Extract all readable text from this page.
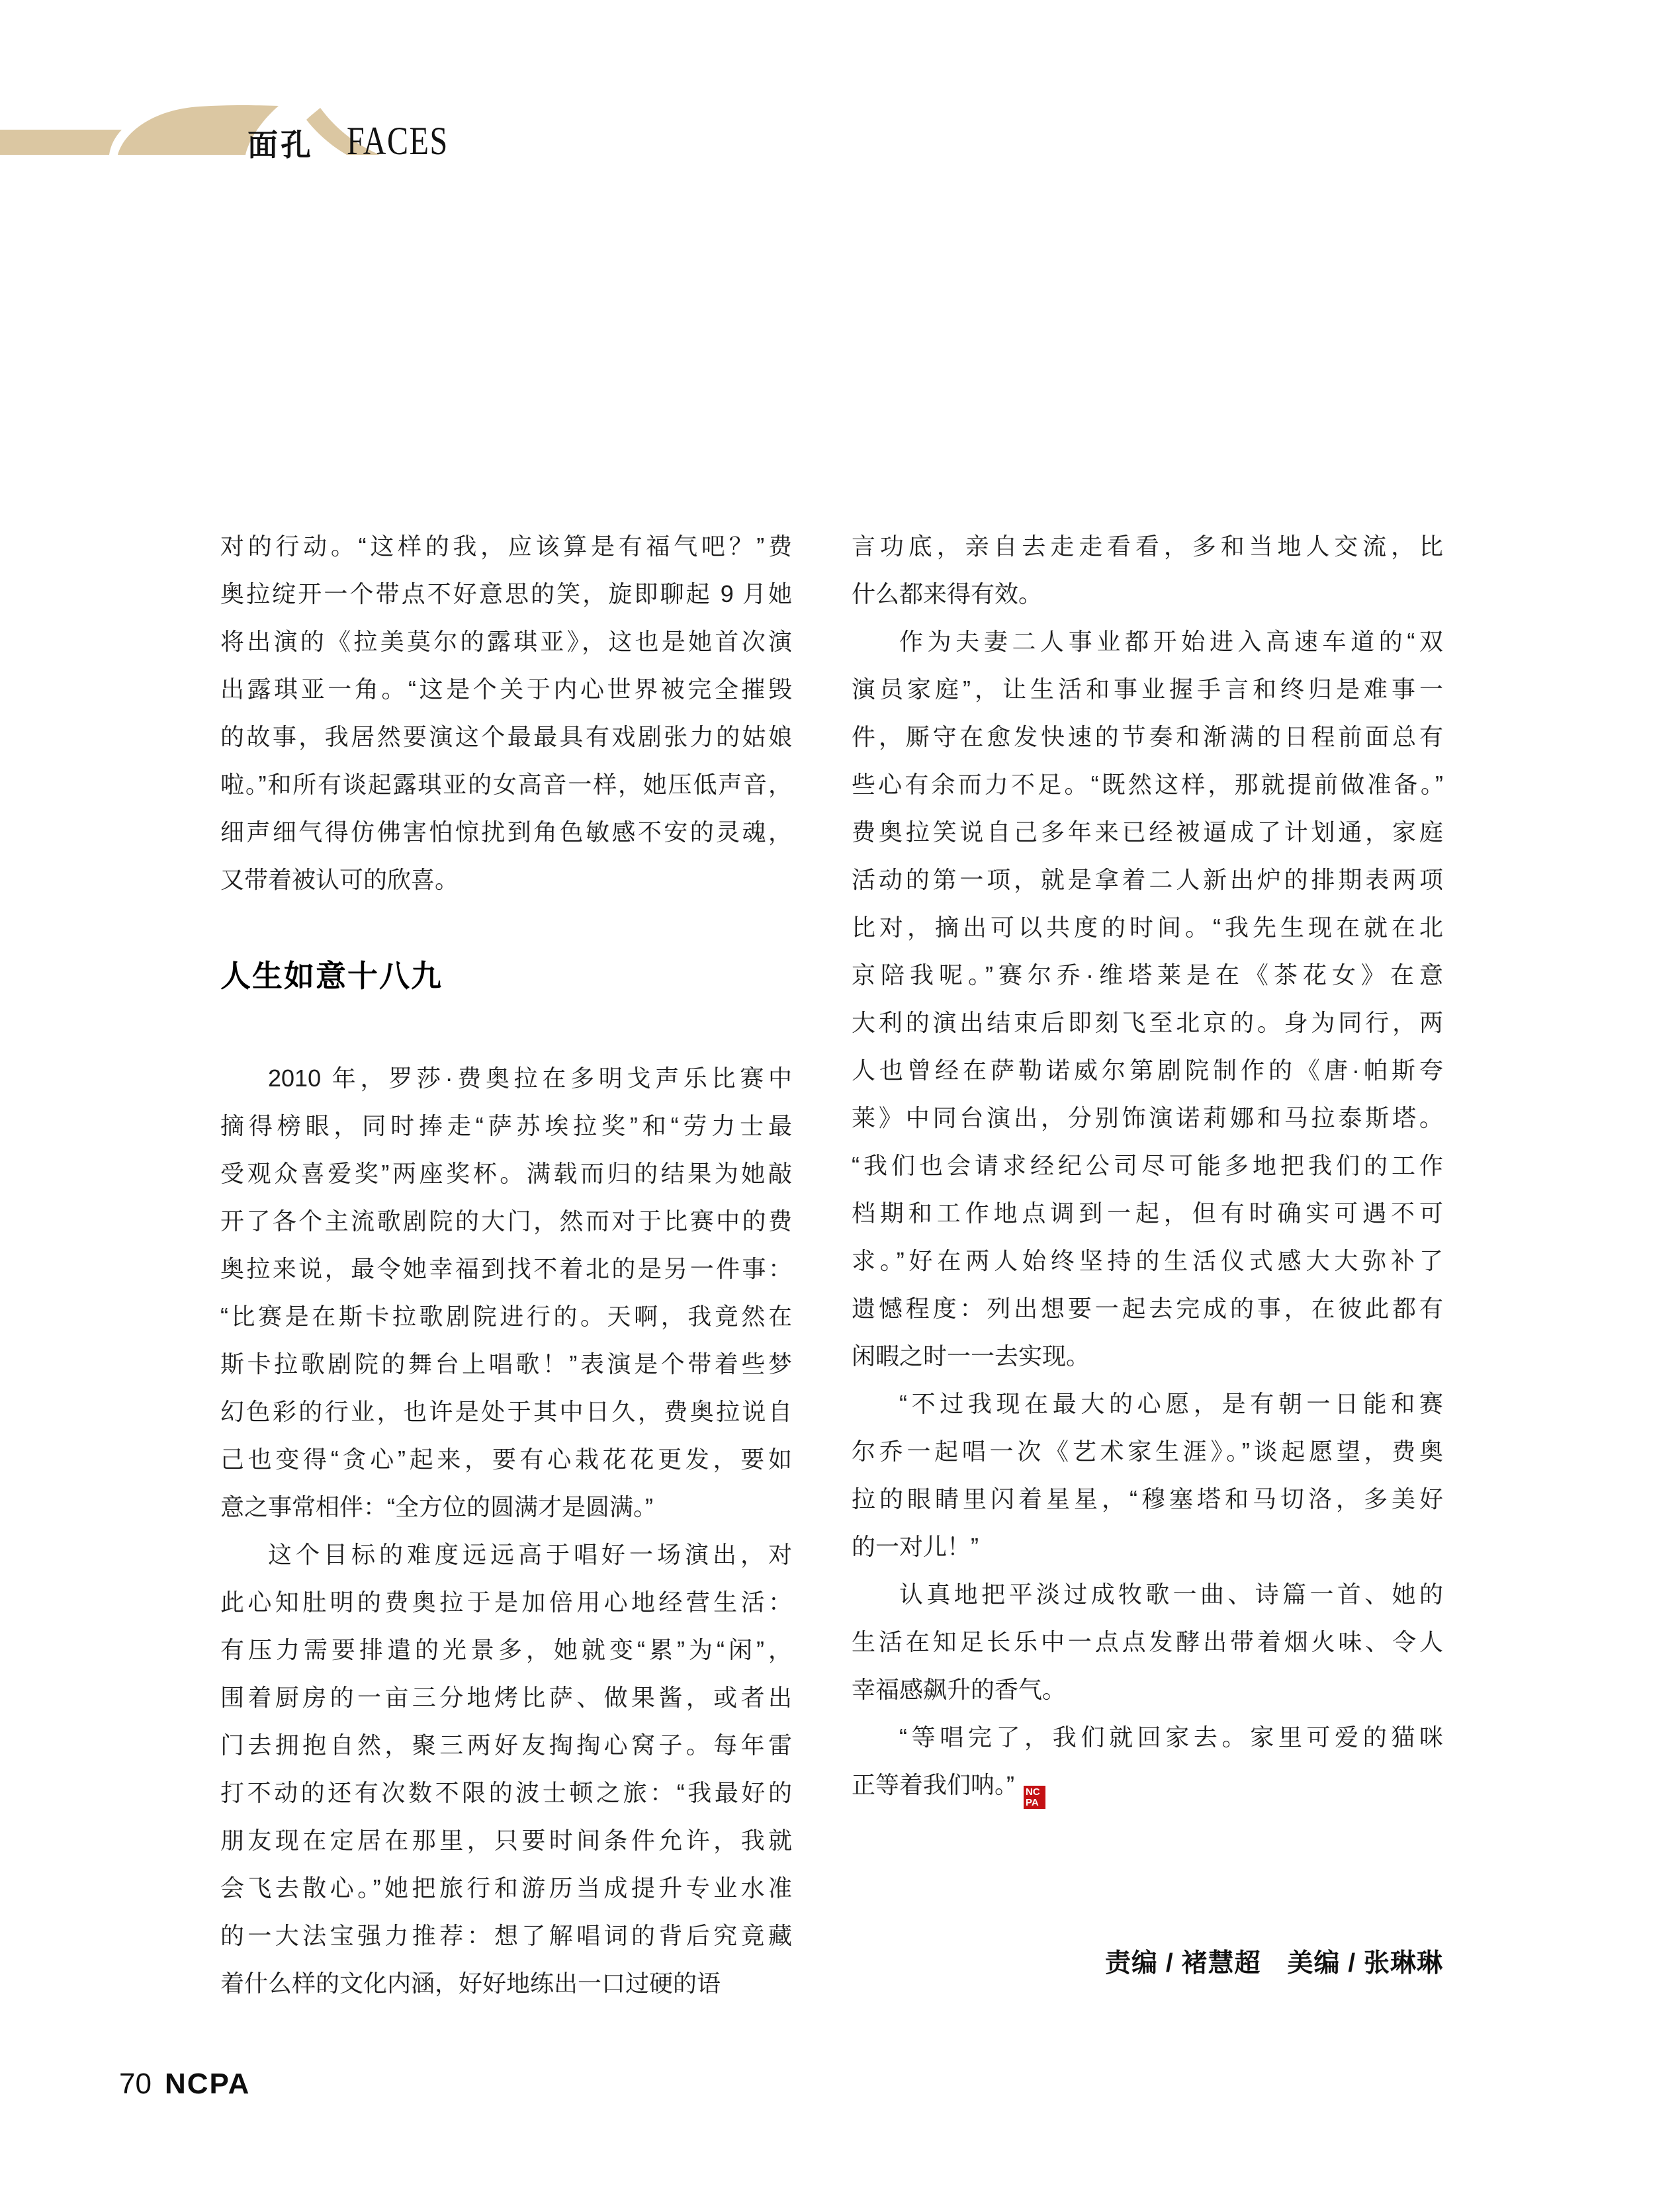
面孔 FACES
对的行动。“这样的我，应该算是有福气吧？”费
奥拉绽开一个带点不好意思的笑，旋即聊起 9 月她
将出演的《拉美莫尔的露琪亚》，这也是她首次演
出露琪亚一角。“这是个关于内心世界被完全摧毁
的故事，我居然要演这个最最具有戏剧张力的姑娘
啦。”和所有谈起露琪亚的女高音一样，她压低声音，
细声细气得仿佛害怕惊扰到角色敏感不安的灵魂，
又带着被认可的欣喜。
人生如意十八九
2010 年，罗莎·费奥拉在多明戈声乐比赛中
摘得榜眼，同时捧走“萨苏埃拉奖”和“劳力士最
受观众喜爱奖”两座奖杯。满载而归的结果为她敲
开了各个主流歌剧院的大门，然而对于比赛中的费
奥拉来说，最令她幸福到找不着北的是另一件事：
“比赛是在斯卡拉歌剧院进行的。天啊，我竟然在
斯卡拉歌剧院的舞台上唱歌！”表演是个带着些梦
幻色彩的行业，也许是处于其中日久，费奥拉说自
己也变得“贪心”起来，要有心栽花花更发，要如
意之事常相伴：“全方位的圆满才是圆满。”
这个目标的难度远远高于唱好一场演出，对
此心知肚明的费奥拉于是加倍用心地经营生活：
有压力需要排遣的光景多，她就变“累”为“闲”，
围着厨房的一亩三分地烤比萨、做果酱，或者出
门去拥抱自然，聚三两好友掏掏心窝子。每年雷
打不动的还有次数不限的波士顿之旅：“我最好的
朋友现在定居在那里，只要时间条件允许，我就
会飞去散心。”她把旅行和游历当成提升专业水准
的一大法宝强力推荐：想了解唱词的背后究竟藏
着什么样的文化内涵，好好地练出一口过硬的语
言功底，亲自去走走看看，多和当地人交流，比
什么都来得有效。
作为夫妻二人事业都开始进入高速车道的“双
演员家庭”，让生活和事业握手言和终归是难事一
件，厮守在愈发快速的节奏和渐满的日程前面总有
些心有余而力不足。“既然这样，那就提前做准备。”
费奥拉笑说自己多年来已经被逼成了计划通，家庭
活动的第一项，就是拿着二人新出炉的排期表两项
比对，摘出可以共度的时间。“我先生现在就在北
京陪我呢。”赛尔乔·维塔莱是在《茶花女》在意
大利的演出结束后即刻飞至北京的。身为同行，两
人也曾经在萨勒诺威尔第剧院制作的《唐·帕斯夸
莱》中同台演出，分别饰演诺莉娜和马拉泰斯塔。
“我们也会请求经纪公司尽可能多地把我们的工作
档期和工作地点调到一起，但有时确实可遇不可
求。”好在两人始终坚持的生活仪式感大大弥补了
遗憾程度：列出想要一起去完成的事，在彼此都有
闲暇之时一一去实现。
“不过我现在最大的心愿，是有朝一日能和赛
尔乔一起唱一次《艺术家生涯》。”谈起愿望，费奥
拉的眼睛里闪着星星，“穆塞塔和马切洛，多美好
的一对儿！”
认真地把平淡过成牧歌一曲、诗篇一首、她的
生活在知足长乐中一点点发酵出带着烟火味、令人
幸福感飙升的香气。
“等唱完了，我们就回家去。家里可爱的猫咪
正等着我们呐。” NC
PA
70 NCPA
责编 / 褚慧超　美编 / 张琳琳
